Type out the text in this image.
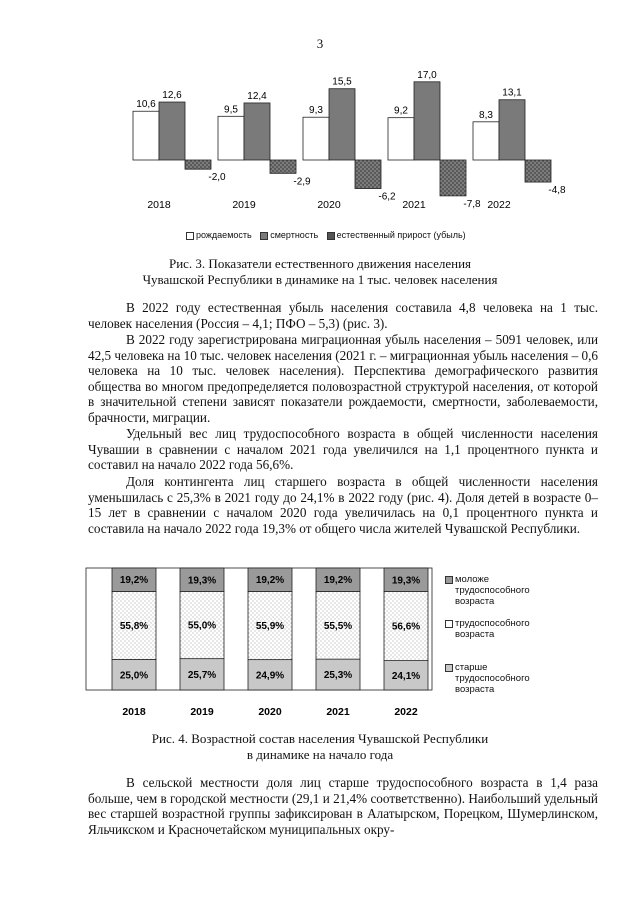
3
10,6
12,6
-2,0
2018
9,5
12,4
-2,9
2019
9,3
15,5
-6,2
2020
9,2
17,0
-7,8
2021
8,3
13,1
-4,8
2022
рождаемость смертность естественный прирост (убыль)
Рис. 3. Показатели естественного движения населения
Чувашской Республики в динамике на 1 тыс. человек населения

В 2022 году естественная убыль населения составила 4,8 человека на 1 тыс. человек населения (Россия – 4,1; ПФО – 5,3) (рис. 3).

В 2022 году зарегистрирована миграционная убыль населения – 5091 человек, или 42,5 человека на 10 тыс. человек населения (2021 г. – миграционная убыль населения – 0,6 человека на 10 тыс. человек населения). Перспектива демографического развития общества во многом предопределяется половозрастной структурой населения, от которой в значительной степени зависят показатели рождаемости, смертности, заболеваемости, брачности, миграции.

Удельный вес лиц трудоспособного возраста в общей численности населения Чувашии в сравнении с началом 2021 года увеличился на 1,1 процентного пункта и составил на начало 2022 года 56,6%.

Доля контингента лиц старшего возраста в общей численности населения уменьшилась с 25,3% в 2021 году до 24,1% в 2022 году (рис. 4). Доля детей в возрасте 0–15 лет в сравнении с началом 2020 года увеличилась на 0,1 процентного пункта и составила на начало 2022 года 19,3% от общего числа жителей Чувашской Республики.

25,0%
55,8%
19,2%
2018
25,7%
55,0%
19,3%
2019
24,9%
55,9%
19,2%
2020
25,3%
55,5%
19,2%
2021
24,1%
56,6%
19,3%
2022
моложе
трудоспособного
возраста
трудоспособного
возраста
старше
трудоспособного
возраста
Рис. 4. Возрастной состав населения Чувашской Республики
в динамике на начало года

В сельской местности доля лиц старше трудоспособного возраста в 1,4 раза больше, чем в городской местности (29,1 и 21,4% соответственно). Наибольший удельный вес старшей возрастной группы зафиксирован в Алатырском, Порецком, Шумерлинском, Яльчикском и Красночетайском муниципальных окру-
